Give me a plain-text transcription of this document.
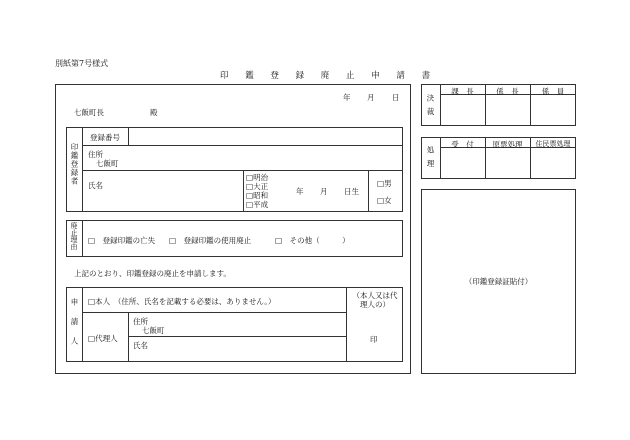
別紙第7号様式
印 鑑 登 録 廃 止 申 請 書
年 月 日
七飯町長	殿
印鑑登録者
登録番号
住所
七飯町
氏名
□明治
□大正
□昭和
□平成
年 月 日生
□男
□女
廃止理由 □　登録印鑑の亡失 □　登録印鑑の使用廃止	□　その他（　　　）
上記のとおり、印鑑登録の廃止を申請します。
申請人 □本人　（住所、氏名を記載する必要は、ありません。）
□代理人
住所
七飯町
氏名
（本人又は代理人の）
印
決裁
課　長	係　長	係　員
処理
受　付	原票処理	住民票処理
（印鑑登録証貼付）
